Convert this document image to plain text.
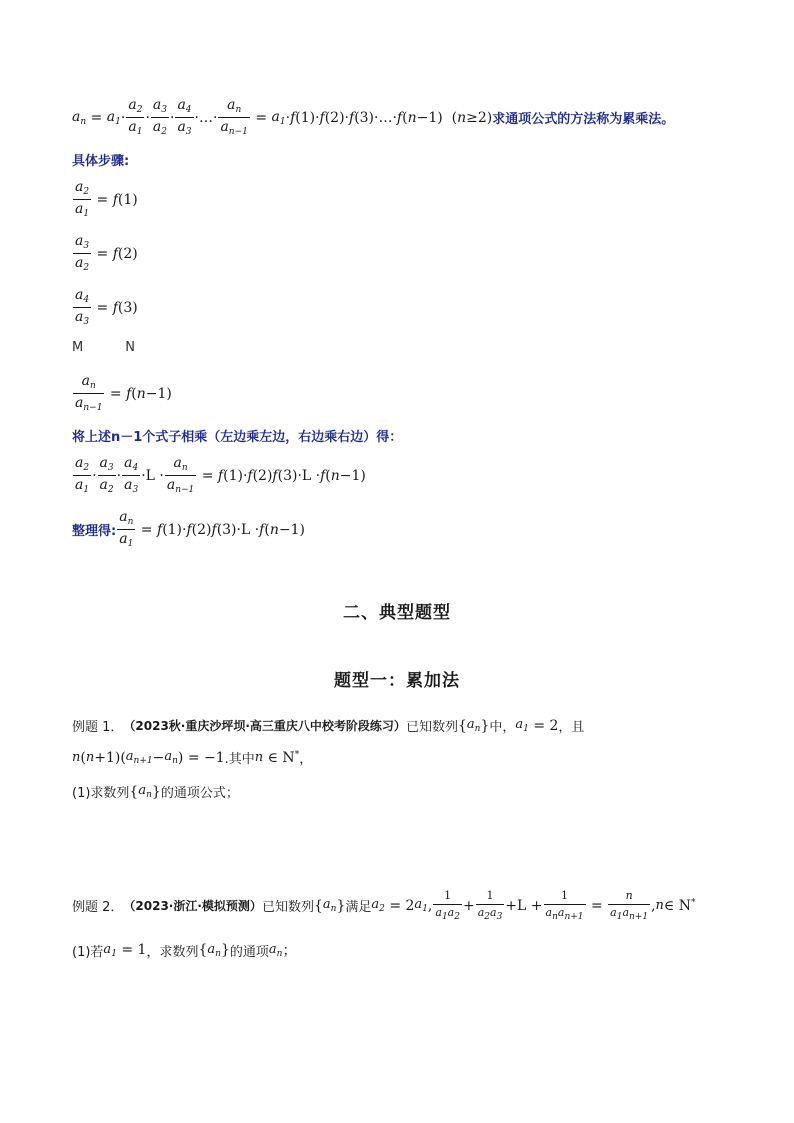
$a_n = a_1 \cdot \frac{a_2}{a_1} \cdot \frac{a_3}{a_2} \cdot \frac{a_4}{a_3}$ ·…· $\frac{a_n}{a_{n-1}} = a_1 \cdot f$ (1)· f (2)· f (3)·…· f ( n −1)  ( n ≥2) 求通项公式的方法称为累乘法。
具体步骤:
$\frac{a_2}{a_1} = f$ (1)
$\frac{a_3}{a_2} = f$ (2)
$\frac{a_4}{a_3} = f$ (3)
M	N
$\frac{a_n}{a_{n-1}} = f$ ( n −1)
将上述n－1个式子相乘（左边乘左边，右边乘右边）得：
$\frac{a_2}{a_1} \cdot \frac{a_3}{a_2} \cdot \frac{a_4}{a_3} \cdot L \cdot \frac{a_n}{a_{n-1}} = f$ (1)· f (2) f (3)·L · f ( n −1)
整理得: $\frac{a_n}{a_1} = f$ (1)· f (2) f (3)·L · f ( n −1)
二、典型题型
题型一：累加法
例题 1． （2023秋·重庆沙坪坝·高三重庆八中校考阶段练习） 已知数列 { $a_n$ } 中， $a_1 = 2$ ，且
n ( n +1)( $a_{n+1} - a_n$ ) = −1 .其中 n ∈ N* ，
(1)求数列 { $a_n$ } 的通项公式；
例题 2． （2023·浙江·模拟预测） 已知数列 { $a_n$ } 满足 $a_2 = 2$ $a_1$ , $\frac{1}{a_1a_2} + \frac{1}{a_2a_3} +L + \frac{1}{a_na_{n+1}} = \frac{n}{a_1a_{n+1}}$ , n ∈ N*
(1)若 $a_1 = 1$ ，求数列 { $a_n$ } 的通项 $a_n$ ；
